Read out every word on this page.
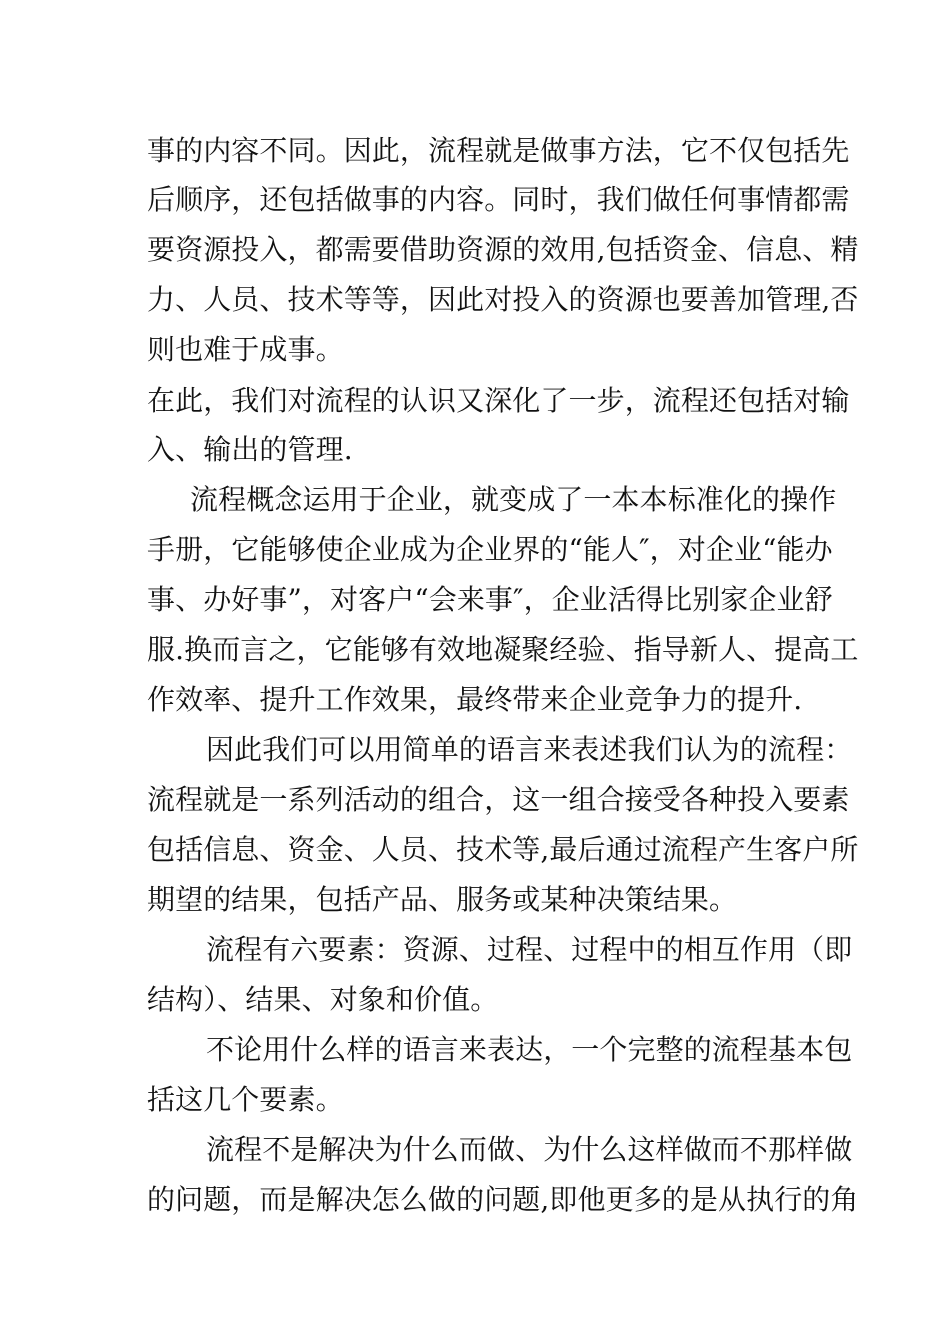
事的内容不同。因此，流程就是做事方法，它不仅包括先
后顺序，还包括做事的内容。同时，我们做任何事情都需
要资源投入，都需要借助资源的效用,包括资金、信息、精
力、人员、技术等等，因此对投入的资源也要善加管理,否
则也难于成事。
在此，我们对流程的认识又深化了一步，流程还包括对输
入、输出的管理.
流程概念运用于企业，就变成了一本本标准化的操作
手册，它能够使企业成为企业界的“能人″，对企业“能办
事、办好事”，对客户“会来事″，企业活得比别家企业舒
服.换而言之，它能够有效地凝聚经验、指导新人、提高工
作效率、提升工作效果，最终带来企业竞争力的提升.
因此我们可以用简单的语言来表述我们认为的流程：
流程就是一系列活动的组合，这一组合接受各种投入要素
包括信息、资金、人员、技术等,最后通过流程产生客户所
期望的结果，包括产品、服务或某种决策结果。
流程有六要素：资源、过程、过程中的相互作用（即
结构）、结果、对象和价值。
不论用什么样的语言来表达，一个完整的流程基本包
括这几个要素。
流程不是解决为什么而做、为什么这样做而不那样做
的问题，而是解决怎么做的问题,即他更多的是从执行的角
